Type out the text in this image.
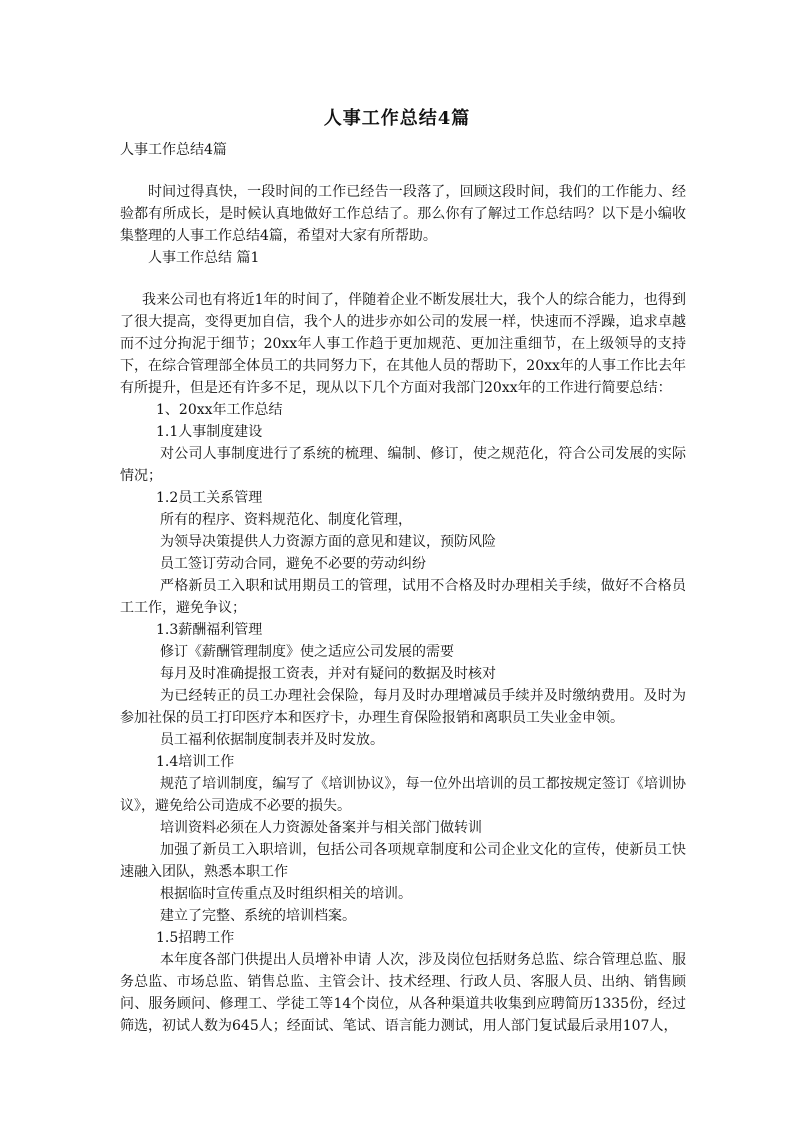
人事工作总结4篇

人事工作总结4篇

时间过得真快，一段时间的工作已经告一段落了，回顾这段时间，我们的工作能力、经验都有所成长，是时候认真地做好工作总结了。那么你有了解过工作总结吗？以下是小编收集整理的人事工作总结4篇，希望对大家有所帮助。

人事工作总结 篇1

我来公司也有将近1年的时间了，伴随着企业不断发展壮大，我个人的综合能力，也得到了很大提高，变得更加自信，我个人的进步亦如公司的发展一样，快速而不浮躁，追求卓越而不过分拘泥于细节；20xx年人事工作趋于更加规范、更加注重细节，在上级领导的支持下，在综合管理部全体员工的共同努力下，在其他人员的帮助下，20xx年的人事工作比去年有所提升，但是还有许多不足，现从以下几个方面对我部门20xx年的工作进行简要总结：

1、20xx年工作总结

1.1人事制度建设

对公司人事制度进行了系统的梳理、编制、修订，使之规范化，符合公司发展的实际情况；

1.2员工关系管理

所有的程序、资料规范化、制度化管理，

为领导决策提供人力资源方面的意见和建议，预防风险

员工签订劳动合同，避免不必要的劳动纠纷

严格新员工入职和试用期员工的管理，试用不合格及时办理相关手续，做好不合格员工工作，避免争议；

1.3薪酬福利管理

修订《薪酬管理制度》使之适应公司发展的需要

每月及时准确提报工资表，并对有疑问的数据及时核对

为已经转正的员工办理社会保险，每月及时办理增减员手续并及时缴纳费用。及时为参加社保的员工打印医疗本和医疗卡，办理生育保险报销和离职员工失业金申领。

员工福利依据制度制表并及时发放。

1.4培训工作

规范了培训制度，编写了《培训协议》，每一位外出培训的员工都按规定签订《培训协议》，避免给公司造成不必要的损失。

培训资料必须在人力资源处备案并与相关部门做转训

加强了新员工入职培训，包括公司各项规章制度和公司企业文化的宣传，使新员工快速融入团队，熟悉本职工作

根据临时宣传重点及时组织相关的培训。

建立了完整、系统的培训档案。

1.5招聘工作

本年度各部门供提出人员增补申请 人次，涉及岗位包括财务总监、综合管理总监、服务总监、市场总监、销售总监、主管会计、技术经理、行政人员、客服人员、出纳、销售顾问、服务顾问、修理工、学徒工等14个岗位，从各种渠道共收集到应聘简历1335份，经过筛选，初试人数为645人；经面试、笔试、语言能力测试，用人部门复试最后录用107人，
